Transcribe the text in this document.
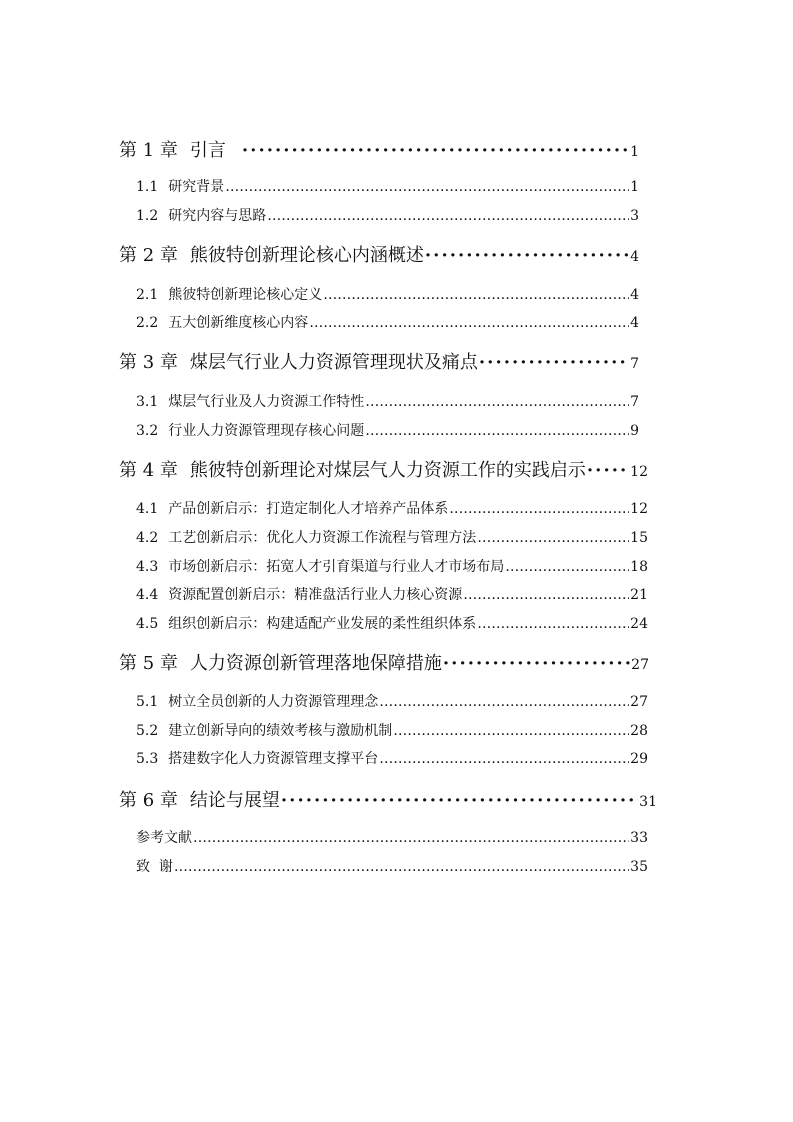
第 1 章 引言 ·····	1
1.1 研究背景 …………………………………………………………………………………………………………	1
1.2 研究内容与思路 …………………………………………………………………………………………………………	3
第 2 章 熊彼特创新理论核心内涵概述 ·····	4
2.1 熊彼特创新理论核心定义 …………………………………………………………………………………………………………	4
2.2 五大创新维度核心内容 …………………………………………………………………………………………………………	4
第 3 章 煤层气行业人力资源管理现状及痛点 ·····	7
3.1 煤层气行业及人力资源工作特性 …………………………………………………………………………………………………………	7
3.2 行业人力资源管理现存核心问题 …………………………………………………………………………………………………………	9
第 4 章 熊彼特创新理论对煤层气人力资源工作的实践启示 ·····	12
4.1 产品创新启示：打造定制化人才培养产品体系 …………………………………………………………………………………………………………	12
4.2 工艺创新启示：优化人力资源工作流程与管理方法 …………………………………………………………………………………………………………	15
4.3 市场创新启示：拓宽人才引育渠道与行业人才市场布局 …………………………………………………………………………………………………………	18
4.4 资源配置创新启示：精准盘活行业人力核心资源 …………………………………………………………………………………………………………	21
4.5 组织创新启示：构建适配产业发展的柔性组织体系 …………………………………………………………………………………………………………	24
第 5 章 人力资源创新管理落地保障措施 ·····	27
5.1 树立全员创新的人力资源管理理念 …………………………………………………………………………………………………………	27
5.2 建立创新导向的绩效考核与激励机制 …………………………………………………………………………………………………………	28
5.3 搭建数字化人力资源管理支撑平台 …………………………………………………………………………………………………………	29
第 6 章 结论与展望 ·····	31
参考文献 …………………………………………………………………………………………………………	33
致  谢 …………………………………………………………………………………………………………	35
